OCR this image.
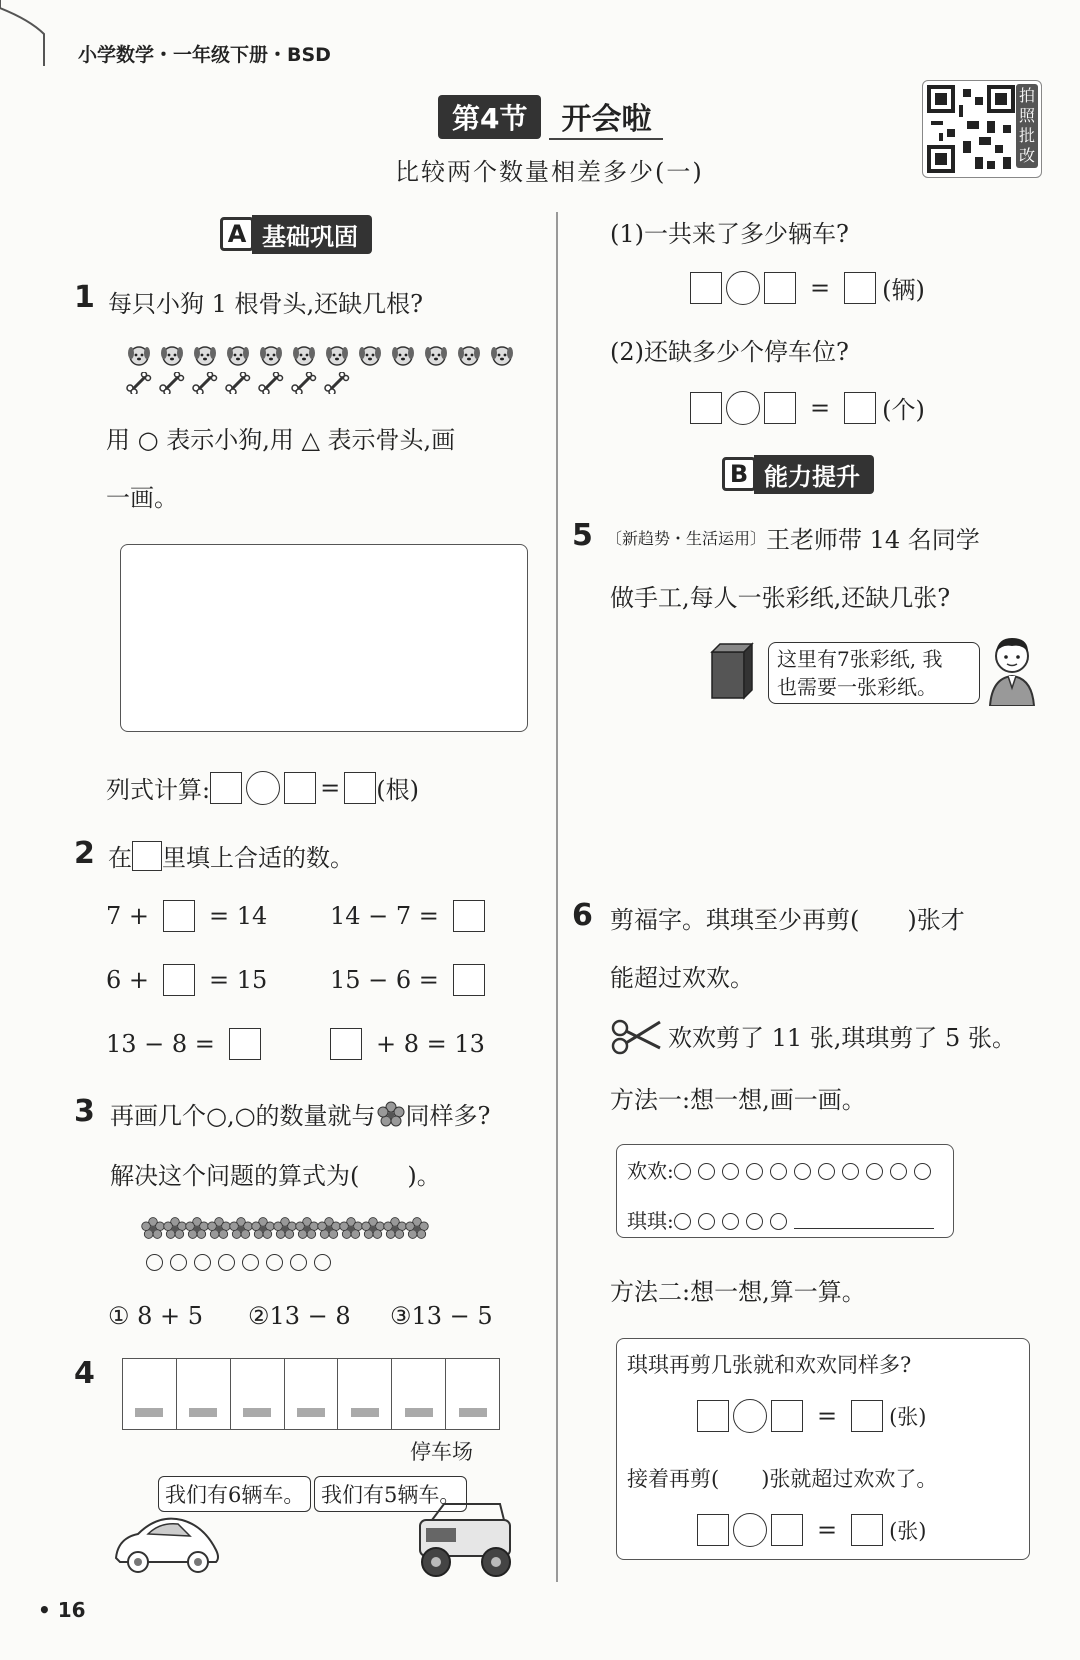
小学数学・一年级下册・BSD
第4节	开会啦
比较两个数量相差多少(一)
拍照批改
A 基础巩固
1 每只小狗 1 根骨头,还缺几根?
用 ○ 表示小狗,用 △ 表示骨头,画
一画。
列式计算:	= (根)
2 在 里填上合适的数。
7 +	= 14	14 − 7 =
6 +	= 15	15 − 6 =
13 − 8 =	+ 8 = 13
3 再画几个○,○的数量就与 同样多?
解决这个问题的算式为(　　)。
① 8 + 5 ②13 − 8 ③13 − 5
4
停车场
我们有6辆车。 我们有5辆车。
(1)一共来了多少辆车?
= (辆)
(2)还缺多少个停车位?
= (个)
B 能力提升
5 〔新趋势・生活运用〕 王老师带 14 名同学
做手工,每人一张彩纸,还缺几张?
这里有7张彩纸, 我
也需要一张彩纸。
6 剪福字。琪琪至少再剪(　　)张才
能超过欢欢。
欢欢剪了 11 张,琪琪剪了 5 张。
方法一:想一想,画一画。
欢欢:
琪琪:
方法二:想一想,算一算。
琪琪再剪几张就和欢欢同样多?
= (张)
接着再剪(　　)张就超过欢欢了。
= (张)
• 16
